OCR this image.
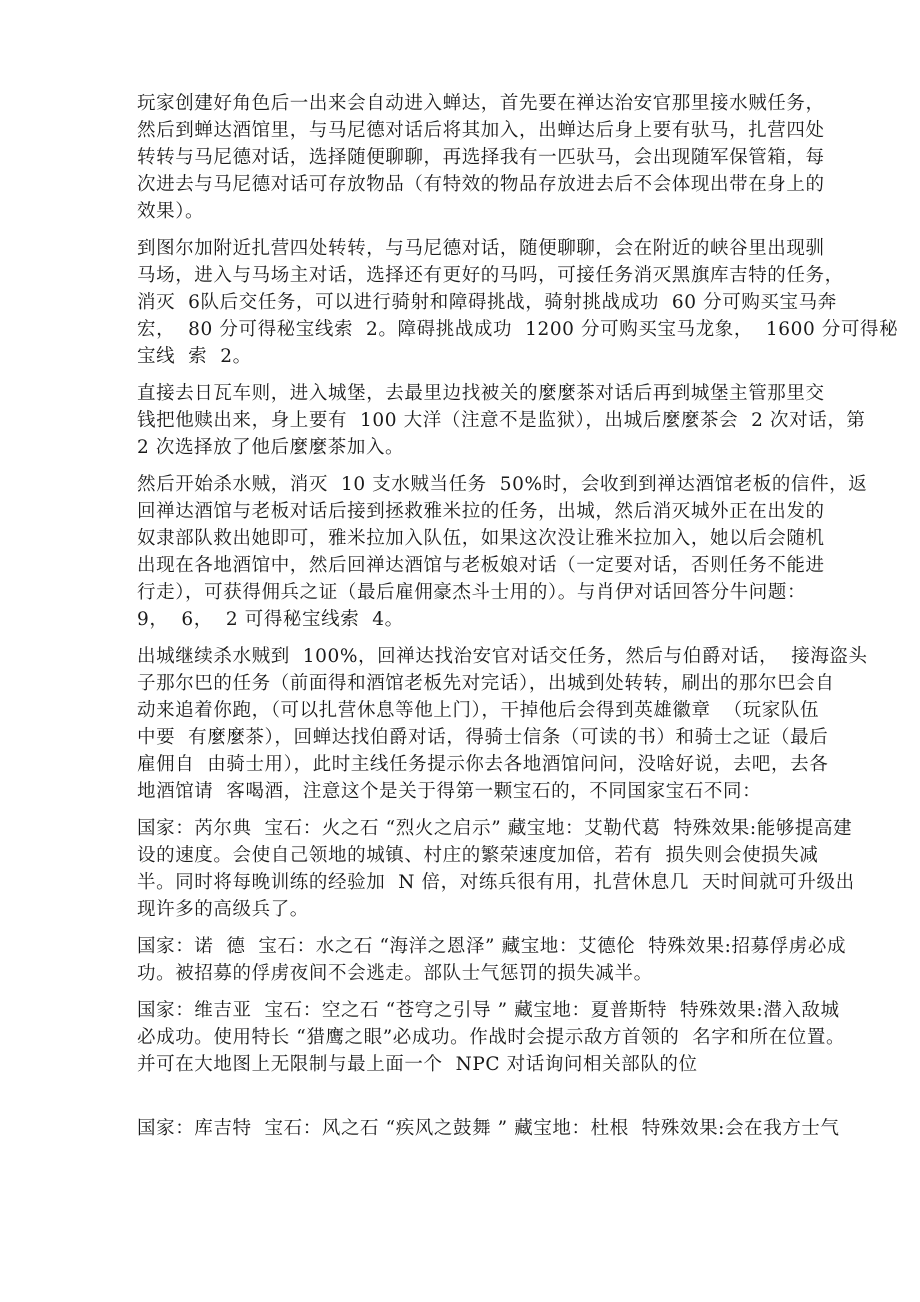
玩家创建好角色后一出来会自动进入蝉达，首先要在禅达治安官那里接水贼任务，
然后到蝉达酒馆里，与马尼德对话后将其加入，出蝉达后身上要有驮马，扎营四处
转转与马尼德对话，选择随便聊聊，再选择我有一匹驮马，会出现随军保管箱，每
次进去与马尼德对话可存放物品（有特效的物品存放进去后不会体现出带在身上的
效果）。
到图尔加附近扎营四处转转，与马尼德对话，随便聊聊，会在附近的峡谷里出现驯
马场，进入与马场主对话，选择还有更好的马吗，可接任务消灭黑旗库吉特的任务，
消灭  6队后交任务，可以进行骑射和障碍挑战，骑射挑战成功  60 分可购买宝马奔
宏，  80 分可得秘宝线索  2。障碍挑战成功  1200 分可购买宝马龙象，  1600 分可得秘
宝线  索  2。
直接去日瓦车则，进入城堡，去最里边找被关的麼麼茶对话后再到城堡主管那里交
钱把他赎出来，身上要有  100 大洋（注意不是监狱），出城后麼麼茶会  2 次对话，第
2 次选择放了他后麼麼茶加入。
然后开始杀水贼，消灭  10 支水贼当任务  50%时，会收到到禅达酒馆老板的信件，返
回禅达酒馆与老板对话后接到拯救雅米拉的任务，出城，然后消灭城外正在出发的
奴隶部队救出她即可，雅米拉加入队伍，如果这次没让雅米拉加入，她以后会随机
出现在各地酒馆中，然后回禅达酒馆与老板娘对话（一定要对话，否则任务不能进
行走），可获得佣兵之证（最后雇佣豪杰斗士用的）。与肖伊对话回答分牛问题：
9，  6，  2 可得秘宝线索  4。
出城继续杀水贼到  100%，回禅达找治安官对话交任务，然后与伯爵对话，  接海盗头
子那尔巴的任务（前面得和酒馆老板先对完话），出城到处转转，刷出的那尔巴会自
动来追着你跑，（可以扎营休息等他上门），干掉他后会得到英雄徽章  （玩家队伍
中要  有麼麼茶），回蝉达找伯爵对话，得骑士信条（可读的书）和骑士之证（最后
雇佣自  由骑士用），此时主线任务提示你去各地酒馆问问，没啥好说，去吧，去各
地酒馆请  客喝酒，注意这个是关于得第一颗宝石的，不同国家宝石不同：
国家：芮尔典  宝石：火之石 “烈火之启示” 藏宝地：艾勒代葛  特殊效果:能够提高建
设的速度。会使自己领地的城镇、村庄的繁荣速度加倍，若有  损失则会使损失减
半。同时将每晚训练的经验加  N 倍，对练兵很有用，扎营休息几  天时间就可升级出
现许多的高级兵了。
国家：诺  德  宝石：水之石 “海洋之恩泽” 藏宝地：艾德伦  特殊效果:招募俘虏必成
功。被招募的俘虏夜间不会逃走。部队士气惩罚的损失减半。
国家：维吉亚  宝石：空之石 “苍穹之引导 ” 藏宝地：夏普斯特  特殊效果:潜入敌城
必成功。使用特长 “猎鹰之眼”必成功。作战时会提示敌方首领的  名字和所在位置。
并可在大地图上无限制与最上面一个  NPC 对话询问相关部队的位
国家：库吉特  宝石：风之石 “疾风之鼓舞 ” 藏宝地：杜根  特殊效果:会在我方士气
